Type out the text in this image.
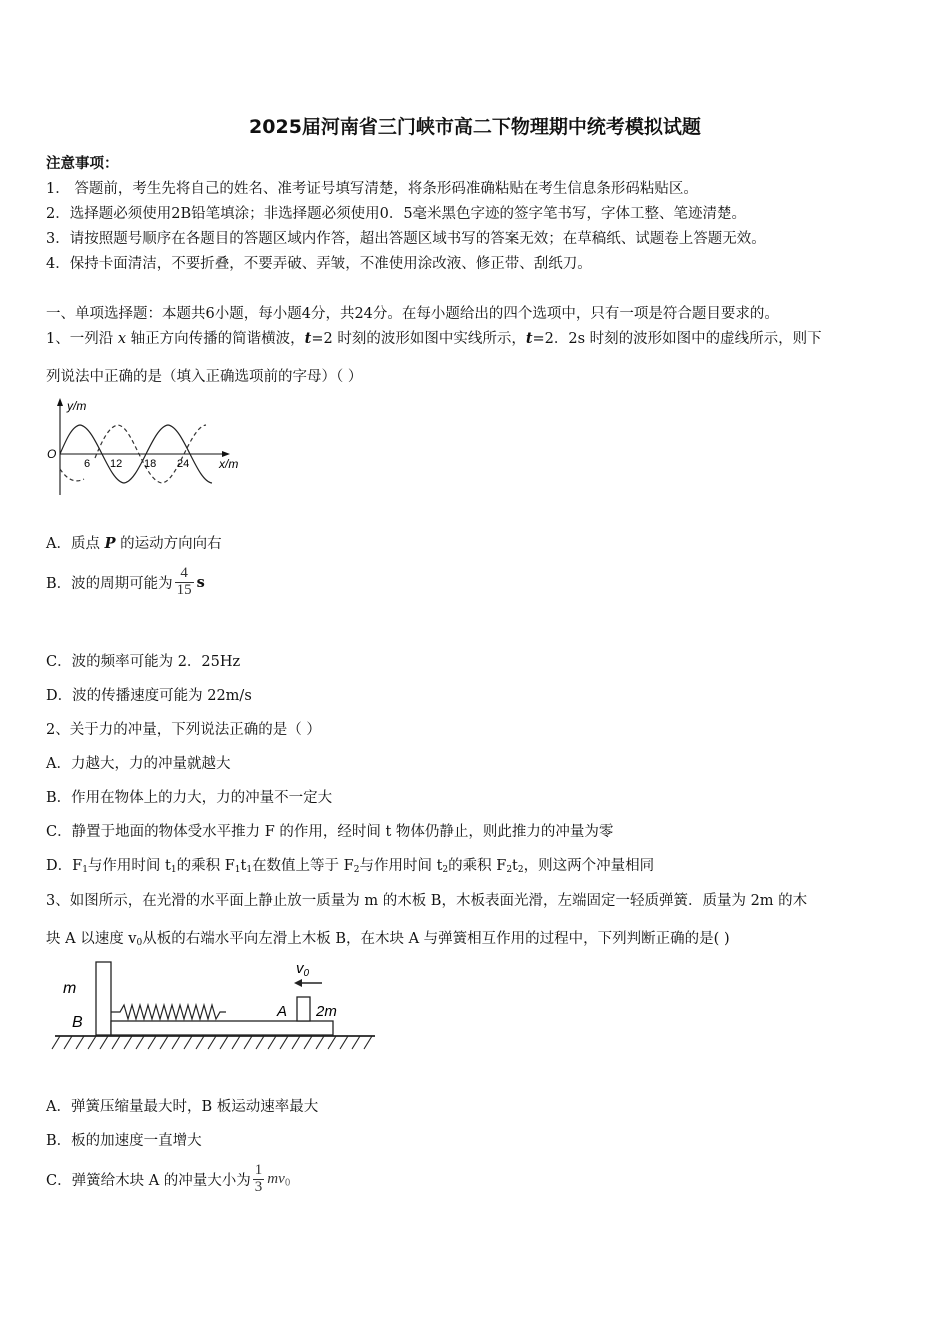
2025届河南省三门峡市高二下物理期中统考模拟试题
注意事项：
1． 答题前，考生先将自己的姓名、准考证号填写清楚，将条形码准确粘贴在考生信息条形码粘贴区。
2．选择题必须使用2B铅笔填涂；非选择题必须使用0．5毫米黑色字迹的签字笔书写，字体工整、笔迹清楚。
3．请按照题号顺序在各题目的答题区域内作答，超出答题区域书写的答案无效；在草稿纸、试题卷上答题无效。
4．保持卡面清洁，不要折叠，不要弄破、弄皱，不准使用涂改液、修正带、刮纸刀。
一、单项选择题：本题共6小题，每小题4分，共24分。在每小题给出的四个选项中，只有一项是符合题目要求的。
1、一列沿 x 轴正方向传播的简谐横波，t=2 时刻的波形如图中实线所示，t=2．2s 时刻的波形如图中的虚线所示，则下
列说法中正确的是（填入正确选项前的字母）（ ）
y/m
x/m
O
6 12 18 24
A．质点 P 的运动方向向右
B．波的周期可能为 $\frac{4}{15}$ s
C．波的频率可能为 2．25Hz
D．波的传播速度可能为 22m/s
2、关于力的冲量，下列说法正确的是（ ）
A．力越大，力的冲量就越大
B．作用在物体上的力大，力的冲量不一定大
C．静置于地面的物体受水平推力 F 的作用，经时间 t 物体仍静止，则此推力的冲量为零
D．$F_1$与作用时间 $t_1$的乘积 $F_1t_1$在数值上等于 $F_2$与作用时间 $t_2$的乘积 $F_2t_2$，则这两个冲量相同
3、如图所示，在光滑的水平面上静止放一质量为 m 的木板 B，木板表面光滑，左端固定一轻质弹簧．质量为 2m 的木
块 A 以速度 $v_0$从板的右端水平向左滑上木板 B，在木块 A 与弹簧相互作用的过程中，下列判断正确的是( )
m
B
A 2m
$v_0$
A．弹簧压缩量最大时，B 板运动速率最大
B．板的加速度一直增大
C．弹簧给木块 A 的冲量大小为 $\frac{1}{3} mv_0$
